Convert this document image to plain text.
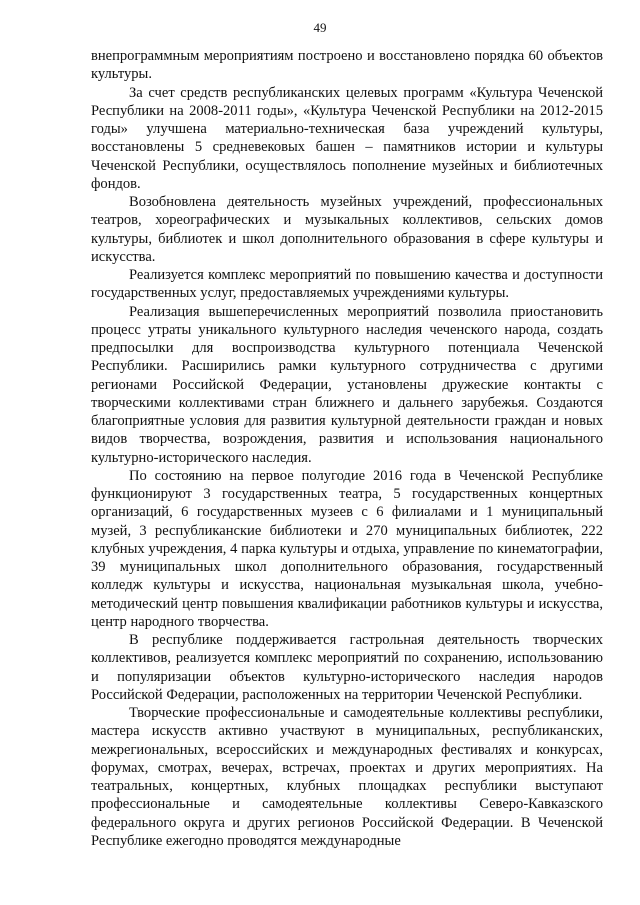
49

внепрограммным мероприятиям построено и восстановлено порядка 60 объектов культуры.

За счет средств республиканских целевых программ «Культура Чеченской Республики на 2008-2011 годы», «Культура Чеченской Республики на 2012-2015 годы» улучшена материально-техническая база учреждений культуры, восстановлены 5 средневековых башен – памятников истории и культуры Чеченской Республики, осуществлялось пополнение музейных и библиотечных фондов.

Возобновлена деятельность музейных учреждений, профессиональных театров, хореографических и музыкальных коллективов, сельских домов культуры, библиотек и школ дополнительного образования в сфере культуры и искусства.

Реализуется комплекс мероприятий по повышению качества и доступности государственных услуг, предоставляемых учреждениями культуры.

Реализация вышеперечисленных мероприятий позволила приостановить процесс утраты уникального культурного наследия чеченского народа, создать предпосылки для воспроизводства культурного потенциала Чеченской Республики. Расширились рамки культурного сотрудничества с другими регионами Российской Федерации, установлены дружеские контакты с творческими коллективами стран ближнего и дальнего зарубежья. Создаются благоприятные условия для развития культурной деятельности граждан и новых видов творчества, возрождения, развития и использования национального культурно-исторического наследия.

По состоянию на первое полугодие 2016 года в Чеченской Республике функционируют 3 государственных театра, 5 государственных концертных организаций, 6 государственных музеев с 6 филиалами и 1 муниципальный музей, 3 республиканские библиотеки и 270 муниципальных библиотек, 222 клубных учреждения, 4 парка культуры и отдыха, управление по кинематографии, 39 муниципальных школ дополнительного образования, государственный колледж культуры и искусства, национальная музыкальная школа, учебно-методический центр повышения квалификации работников культуры и искусства, центр народного творчества.

В республике поддерживается гастрольная деятельность творческих коллективов, реализуется комплекс мероприятий по сохранению, использованию и популяризации объектов культурно-исторического наследия народов Российской Федерации, расположенных на территории Чеченской Республики.

Творческие профессиональные и самодеятельные коллективы республики, мастера искусств активно участвуют в муниципальных, республиканских, межрегиональных, всероссийских и международных фестивалях и конкурсах, форумах, смотрах, вечерах, встречах, проектах и других мероприятиях. На театральных, концертных, клубных площадках республики выступают профессиональные и самодеятельные коллективы Северо-Кавказского федерального округа и других регионов Российской Федерации. В Чеченской Республике ежегодно проводятся международные
